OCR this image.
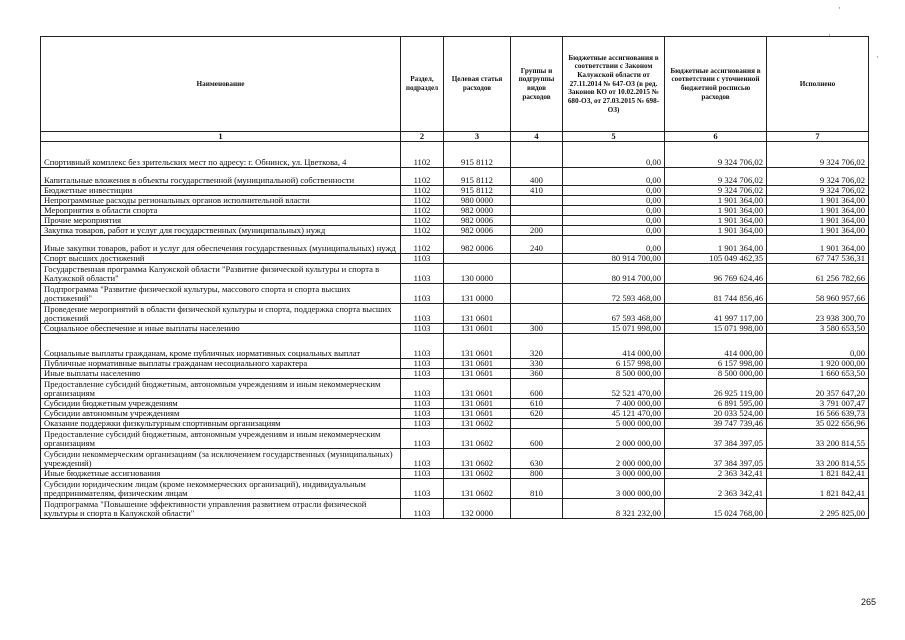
·
·
·
Наименование	Раздел, подраздел	Целевая статья расходов	Группы и подгруппы видов расходов	Бюджетные ассигнования в соответствии с Законом Калужской области от 27.11.2014 № 647-ОЗ (в ред. Законов КО от 10.02.2015 № 680-ОЗ, от 27.03.2015 № 698-ОЗ)	Бюджетные ассигнования в соответствии с уточненной бюджетной росписью расходов	Исполнено
1	2	3	4	5	6	7
Спортивный комплекс без зрительских мест по адресу: г. Обнинск, ул. Цветкова, 4	1102	915 8112		0,00	9 324 706,02	9 324 706,02
Капитальные вложения в объекты государственной (муниципальной) собственности	1102	915 8112	400	0,00	9 324 706,02	9 324 706,02
Бюджетные инвестиции	1102	915 8112	410	0,00	9 324 706,02	9 324 706,02
Непрограммные расходы региональных органов исполнительной власти	1102	980 0000		0,00	1 901 364,00	1 901 364,00
Мероприятия в области спорта	1102	982 0000		0,00	1 901 364,00	1 901 364,00
Прочие мероприятия	1102	982 0006		0,00	1 901 364,00	1 901 364,00
Закупка товаров, работ и услуг для государственных (муниципальных) нужд	1102	982 0006	200	0,00	1 901 364,00	1 901 364,00
Иные закупки товаров, работ и услуг для обеспечения государственных (муниципальных) нужд	1102	982 0006	240	0,00	1 901 364,00	1 901 364,00
Спорт высших достижений	1103			80 914 700,00	105 049 462,35	67 747 536,31
Государственная программа Калужской области "Развитие физической культуры и спорта в Калужской области"	1103	130 0000		80 914 700,00	96 769 624,46	61 256 782,66
Подпрограмма "Развитие физической культуры, массового спорта и спорта высших достижений"	1103	131 0000		72 593 468,00	81 744 856,46	58 960 957,66
Проведение мероприятий в области физической культуры и спорта, поддержка спорта высших достижений	1103	131 0601		67 593 468,00	41 997 117,00	23 938 300,70
Социальное обеспечение и иные выплаты населению	1103	131 0601	300	15 071 998,00	15 071 998,00	3 580 653,50
Социальные выплаты гражданам, кроме публичных нормативных социальных выплат	1103	131 0601	320	414 000,00	414 000,00	0,00
Публичные нормативные выплаты гражданам несоциального характера	1103	131 0601	330	6 157 998,00	6 157 998,00	1 920 000,00
Иные выплаты населению	1103	131 0601	360	8 500 000,00	8 500 000,00	1 660 653,50
Предоставление субсидий бюджетным, автономным учреждениям и иным некоммерческим организациям	1103	131 0601	600	52 521 470,00	26 925 119,00	20 357 647,20
Субсидии бюджетным учреждениям	1103	131 0601	610	7 400 000,00	6 891 595,00	3 791 007,47
Субсидии автономным учреждениям	1103	131 0601	620	45 121 470,00	20 033 524,00	16 566 639,73
Оказание поддержки физкультурным спортивным организациям	1103	131 0602		5 000 000,00	39 747 739,46	35 022 656,96
Предоставление субсидий бюджетным, автономным учреждениям и иным некоммерческим организациям	1103	131 0602	600	2 000 000,00	37 384 397,05	33 200 814,55
Субсидии некоммерческим организациям (за исключением государственных (муниципальных) учреждений)	1103	131 0602	630	2 000 000,00	37 384 397,05	33 200 814,55
Иные бюджетные ассигнования	1103	131 0602	800	3 000 000,00	2 363 342,41	1 821 842,41
Субсидии юридическим лицам (кроме некоммерческих организаций), индивидуальным предпринимателям, физическим лицам	1103	131 0602	810	3 000 000,00	2 363 342,41	1 821 842,41
Подпрограмма "Повышение эффективности управления развитием отрасли физической культуры и спорта в Калужской области"	1103	132 0000		8 321 232,00	15 024 768,00	2 295 825,00
265
